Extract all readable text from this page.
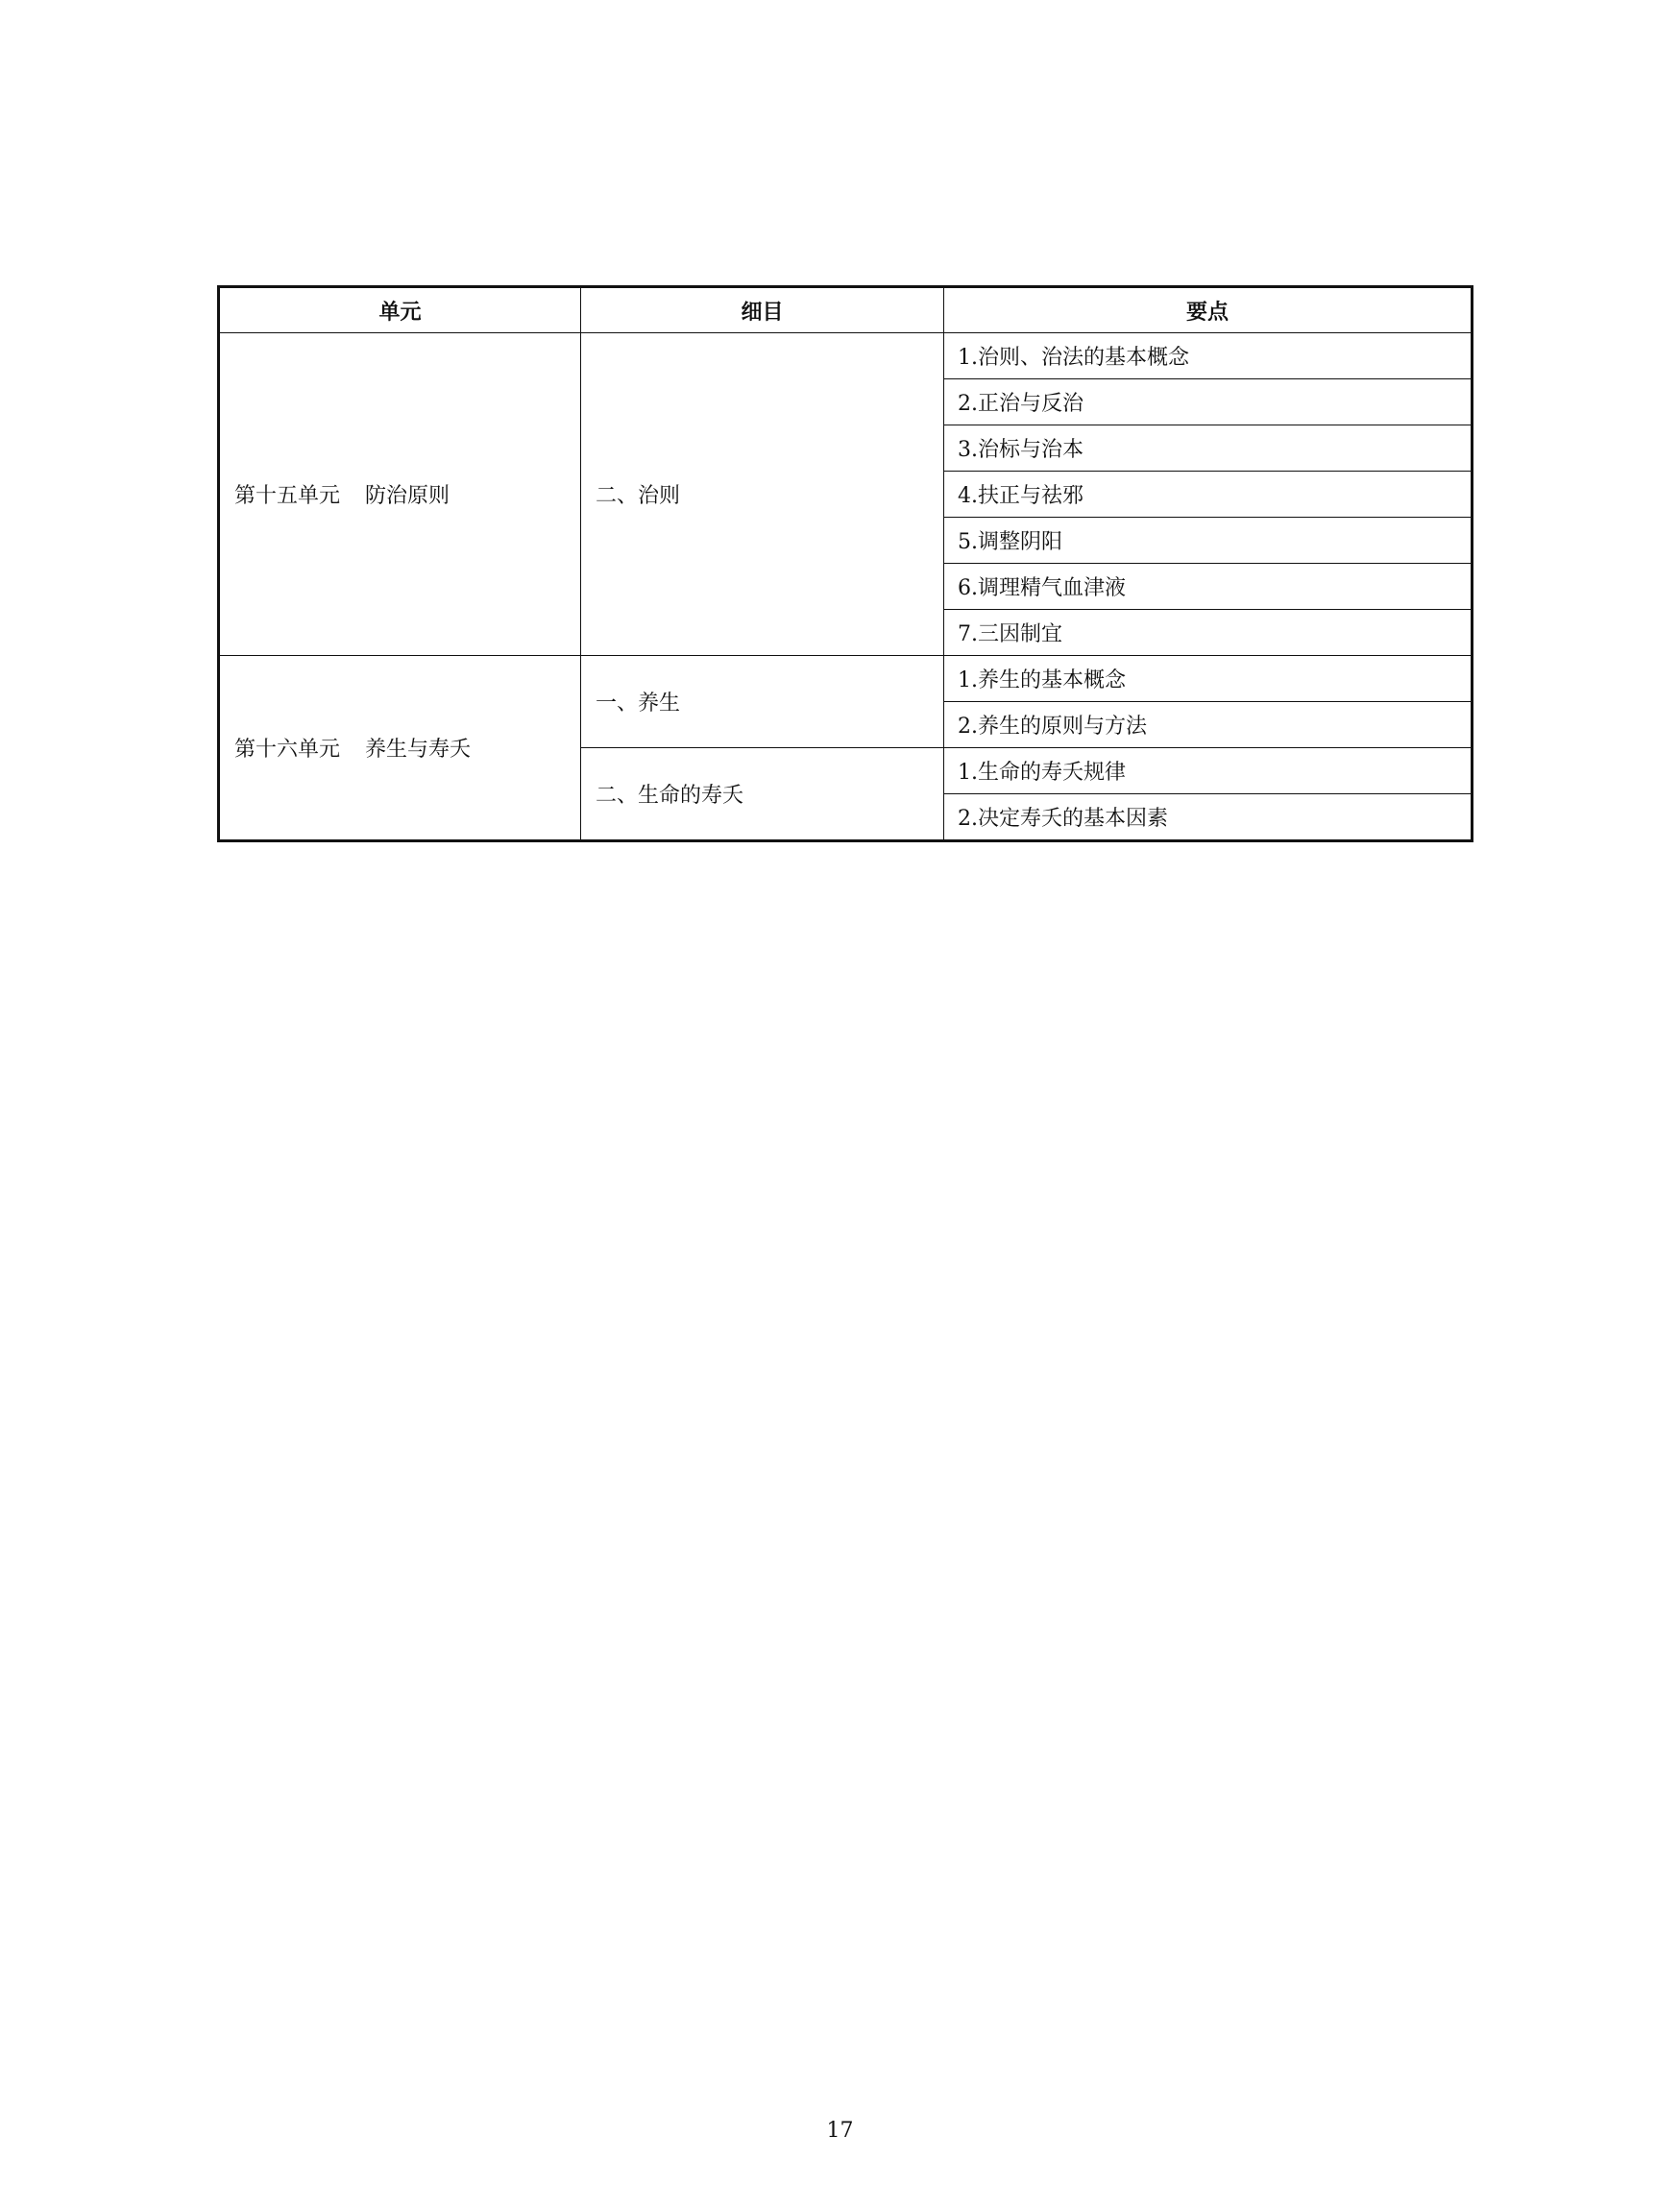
单元	细目	要点
第十五单元 防治原则	二、治则	1.治则、治法的基本概念
		2.正治与反治
		3.治标与治本
		4.扶正与祛邪
		5.调整阴阳
		6.调理精气血津液
		7.三因制宜
第十六单元 养生与寿夭	一、养生	1.养生的基本概念
		2.养生的原则与方法
	二、生命的寿夭	1.生命的寿夭规律
		2.决定寿夭的基本因素
17
